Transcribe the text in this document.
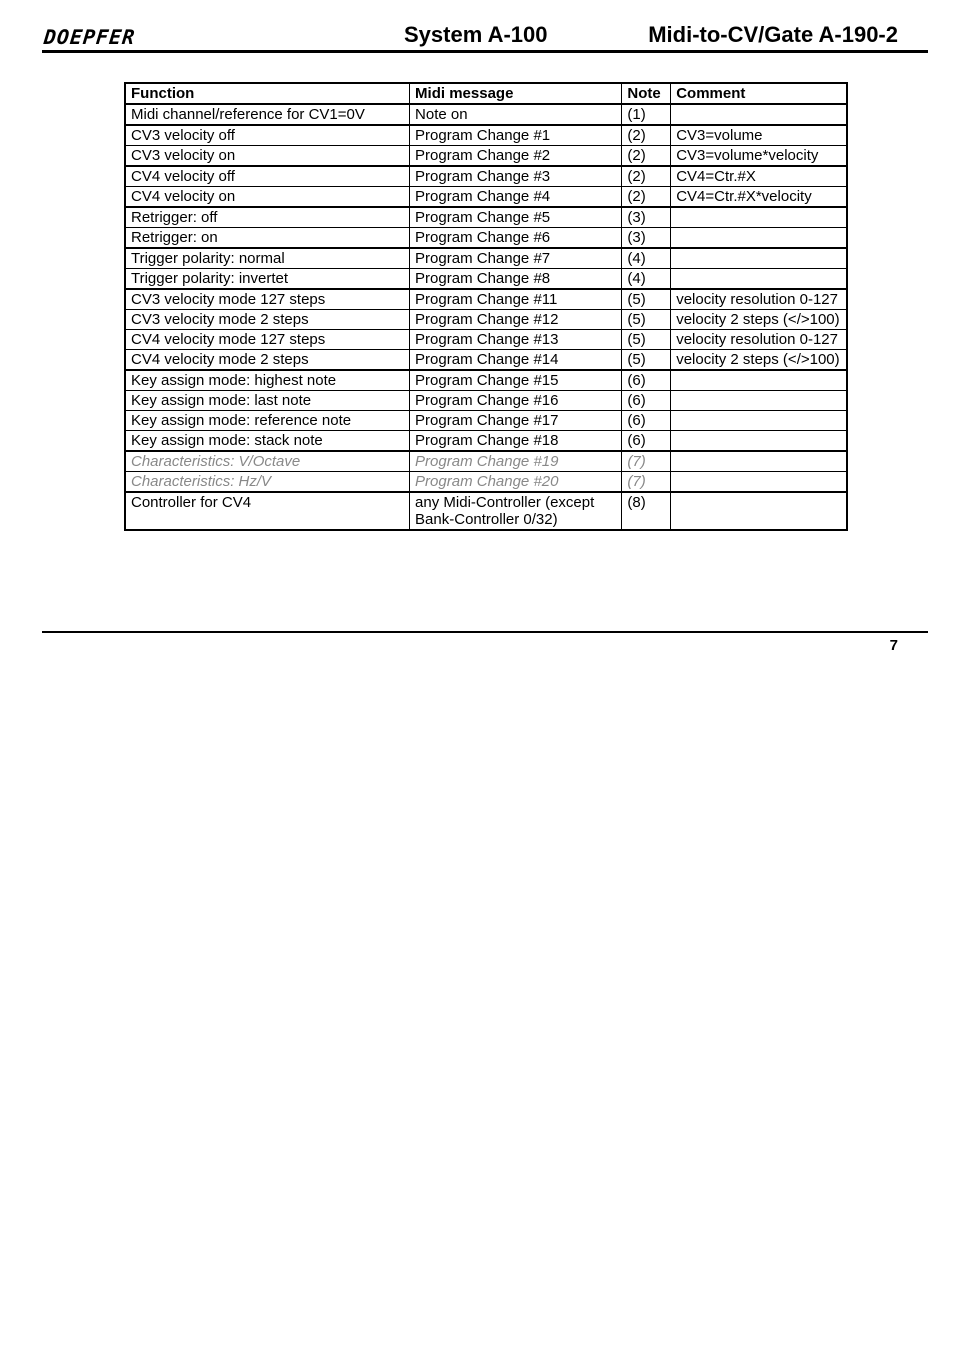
DOEPFER	System A-100	Midi-to-CV/Gate A-190-2
Function	Midi message	Note	Comment
Midi channel/reference for CV1=0V	Note on	(1)	
CV3 velocity off	Program Change #1	(2)	CV3=volume
CV3 velocity on	Program Change #2	(2)	CV3=volume*velocity
CV4 velocity off	Program Change #3	(2)	CV4=Ctr.#X
CV4 velocity on	Program Change #4	(2)	CV4=Ctr.#X*velocity
Retrigger: off	Program Change #5	(3)	
Retrigger: on	Program Change #6	(3)	
Trigger polarity: normal	Program Change #7	(4)	
Trigger polarity: invertet	Program Change #8	(4)	
CV3 velocity mode 127 steps	Program Change #11	(5)	velocity resolution 0-127
CV3 velocity mode 2 steps	Program Change #12	(5)	velocity 2 steps (</>100)
CV4 velocity mode 127 steps	Program Change #13	(5)	velocity resolution 0-127
CV4 velocity mode 2 steps	Program Change #14	(5)	velocity 2 steps (</>100)
Key assign mode: highest note	Program Change #15	(6)	
Key assign mode: last note	Program Change #16	(6)	
Key assign mode: reference note	Program Change #17	(6)	
Key assign mode: stack note	Program Change #18	(6)	
Characteristics: V/Octave	Program Change #19	(7)	
Characteristics: Hz/V	Program Change #20	(7)	
Controller for CV4	any Midi-Controller (except Bank-Controller 0/32)	(8)	
7
